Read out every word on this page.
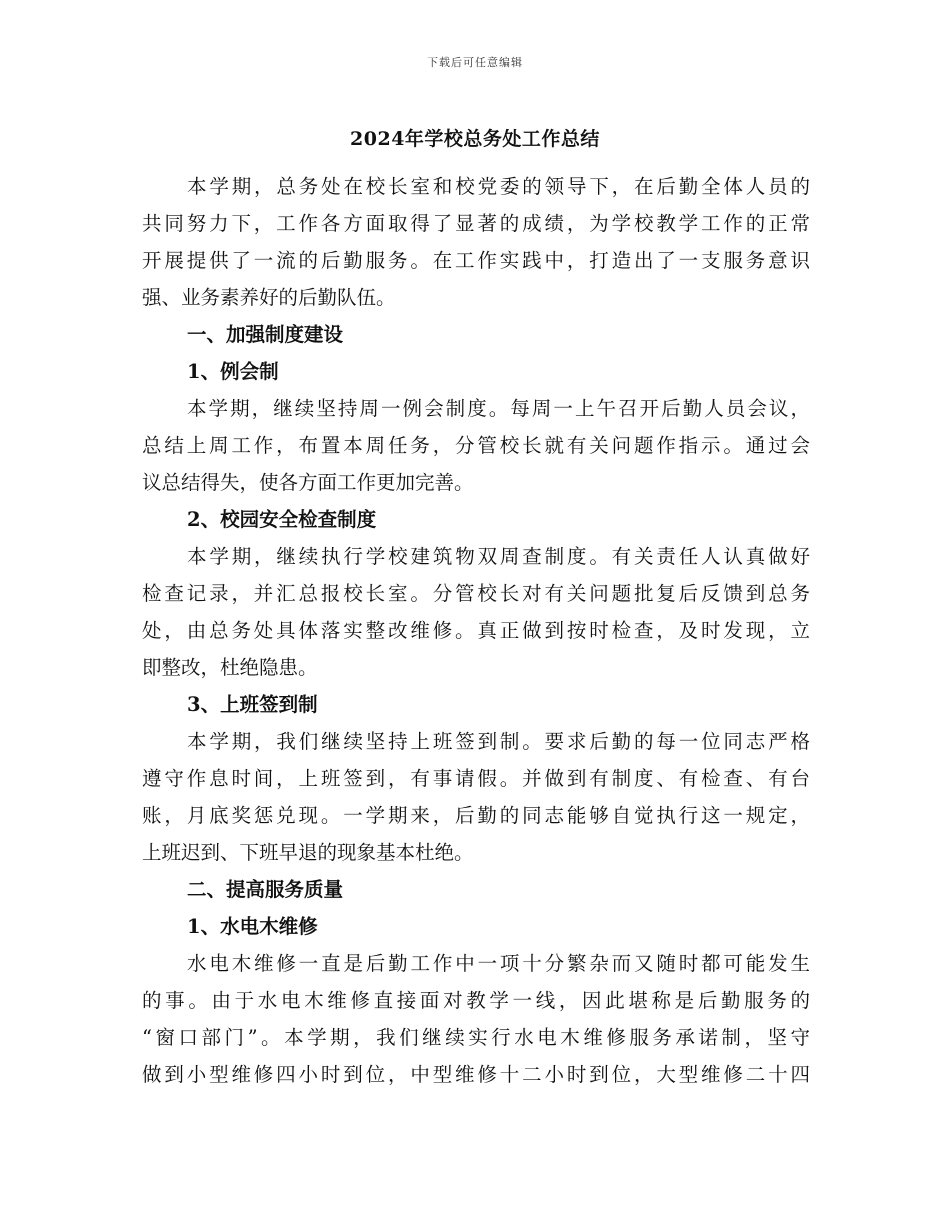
下载后可任意编辑
2024年学校总务处工作总结
本学期，总务处在校长室和校党委的领导下，在后勤全体人员的
共同努力下，工作各方面取得了显著的成绩，为学校教学工作的正常
开展提供了一流的后勤服务。在工作实践中，打造出了一支服务意识
强、业务素养好的后勤队伍。
一、加强制度建设
1、例会制
本学期，继续坚持周一例会制度。每周一上午召开后勤人员会议，
总结上周工作，布置本周任务，分管校长就有关问题作指示。通过会
议总结得失，使各方面工作更加完善。
2、校园安全检查制度
本学期，继续执行学校建筑物双周查制度。有关责任人认真做好
检查记录，并汇总报校长室。分管校长对有关问题批复后反馈到总务
处，由总务处具体落实整改维修。真正做到按时检查，及时发现，立
即整改，杜绝隐患。
3、上班签到制
本学期，我们继续坚持上班签到制。要求后勤的每一位同志严格
遵守作息时间，上班签到，有事请假。并做到有制度、有检查、有台
账，月底奖惩兑现。一学期来，后勤的同志能够自觉执行这一规定，
上班迟到、下班早退的现象基本杜绝。
二、提高服务质量
1、水电木维修
水电木维修一直是后勤工作中一项十分繁杂而又随时都可能发生
的事。由于水电木维修直接面对教学一线，因此堪称是后勤服务的
“窗口部门”。本学期，我们继续实行水电木维修服务承诺制，坚守
做到小型维修四小时到位，中型维修十二小时到位，大型维修二十四
